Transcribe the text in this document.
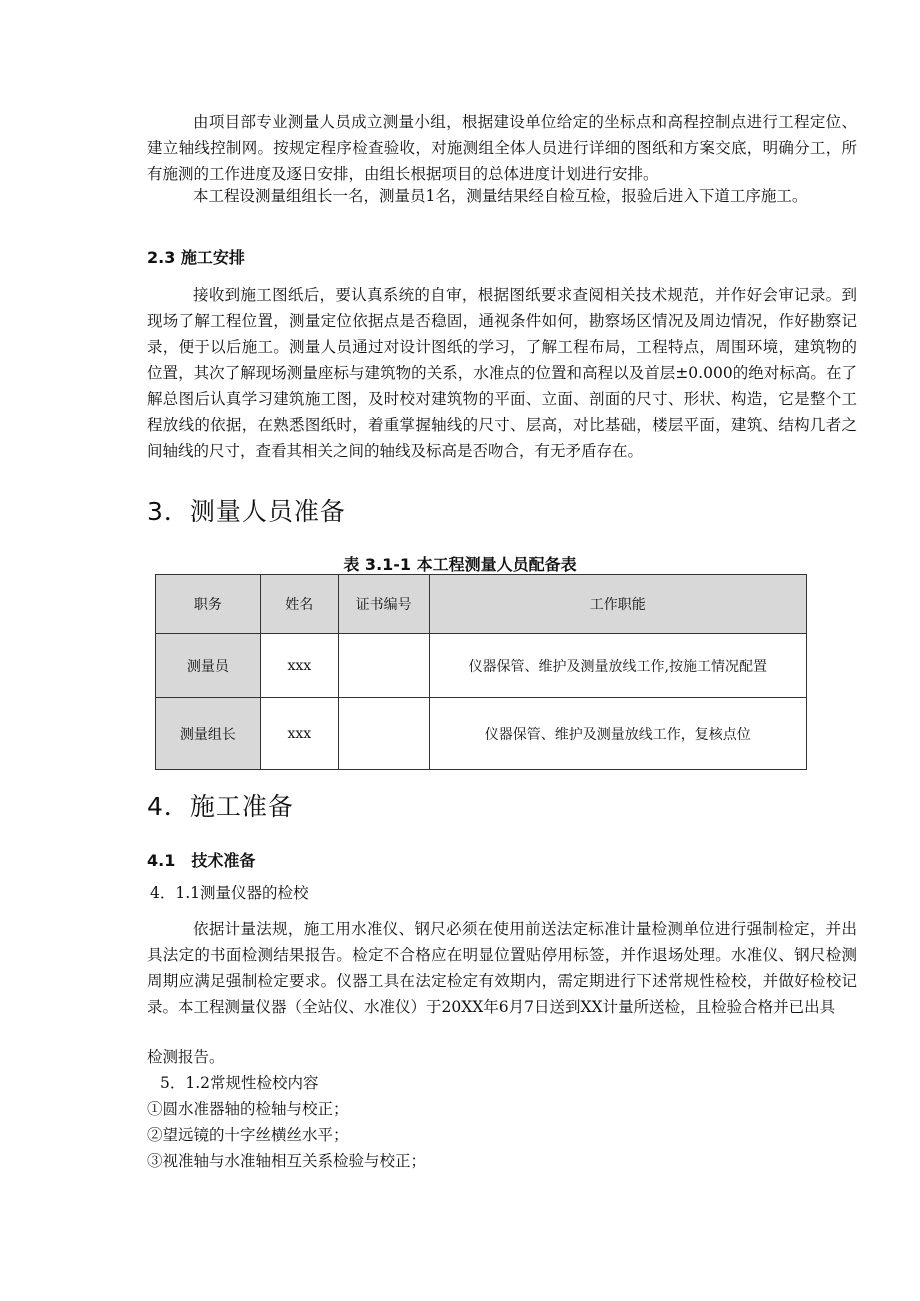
由项目部专业测量人员成立测量小组，根据建设单位给定的坐标点和高程控制点进行工程定位、建立轴线控制网。按规定程序检查验收，对施测组全体人员进行详细的图纸和方案交底，明确分工，所有施测的工作进度及逐日安排，由组长根据项目的总体进度计划进行安排。

本工程设测量组组长一名，测量员1名，测量结果经自检互检，报验后进入下道工序施工。

2.3 施工安排

接收到施工图纸后，要认真系统的自审，根据图纸要求查阅相关技术规范，并作好会审记录。到现场了解工程位置，测量定位依据点是否稳固，通视条件如何，勘察场区情况及周边情况，作好勘察记录，便于以后施工。测量人员通过对设计图纸的学习，了解工程布局，工程特点，周围环境，建筑物的位置，其次了解现场测量座标与建筑物的关系，水准点的位置和高程以及首层±0.000的绝对标高。在了解总图后认真学习建筑施工图，及时校对建筑物的平面、立面、剖面的尺寸、形状、构造，它是整个工程放线的依据，在熟悉图纸时，着重掌握轴线的尺寸、层高，对比基础，楼层平面，建筑、结构几者之间轴线的尺寸，查看其相关之间的轴线及标高是否吻合，有无矛盾存在。

3．测量人员准备
表 3.1-1 本工程测量人员配备表
职务	姓名	证书编号	工作职能
测量员	xxx		仪器保管、维护及测量放线工作,按施工情况配置
测量组长	xxx		仪器保管、维护及测量放线工作，复核点位
4．施工准备
4.1　技术准备
4．1.1测量仪器的检校

依据计量法规，施工用水准仪、钢尺必须在使用前送法定标准计量检测单位进行强制检定，并出具法定的书面检测结果报告。检定不合格应在明显位置贴停用标签，并作退场处理。水准仪、钢尺检测周期应满足强制检定要求。仪器工具在法定检定有效期内，需定期进行下述常规性检校，并做好检校记录。本工程测量仪器（全站仪、水准仪）于20XX年6月7日送到XX计量所送检，且检验合格并已出具

检测报告。
5．1.2常规性检校内容
①圆水准器轴的检轴与校正；
②望远镜的十字丝横丝水平；
③视准轴与水准轴相互关系检验与校正；
